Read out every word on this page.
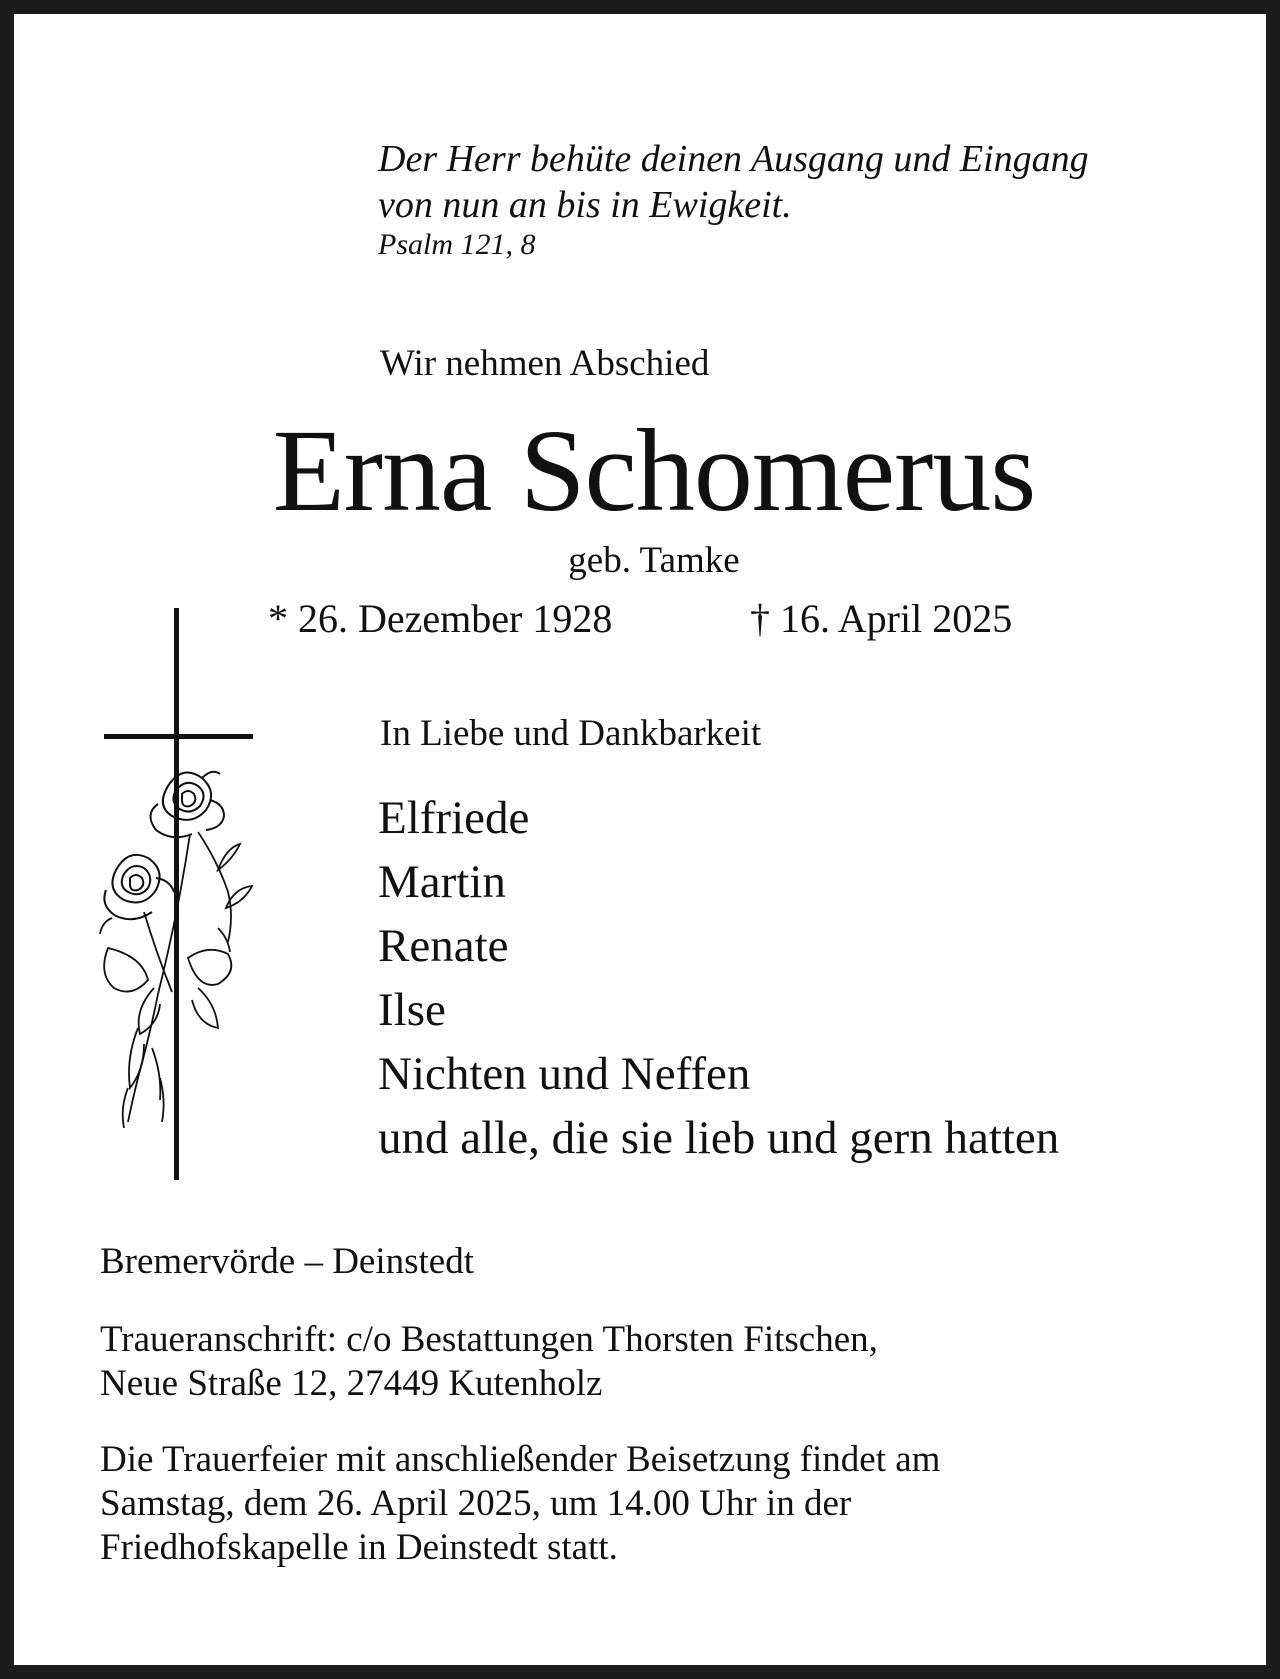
Der Herr behüte deinen Ausgang und Eingang
von nun an bis in Ewigkeit.
Psalm 121, 8
Wir nehmen Abschied
Erna Schomerus
geb. Tamke
* 26. Dezember 1928	† 16. April 2025
In Liebe und Dankbarkeit
Elfriede
Martin
Renate
Ilse
Nichten und Neffen
und alle, die sie lieb und gern hatten
Bremervörde – Deinstedt
Traueranschrift: c/o Bestattungen Thorsten Fitschen,
Neue Straße 12, 27449 Kutenholz
Die Trauerfeier mit anschließender Beisetzung findet am
Samstag, dem 26. April 2025, um 14.00 Uhr in der
Friedhofskapelle in Deinstedt statt.
